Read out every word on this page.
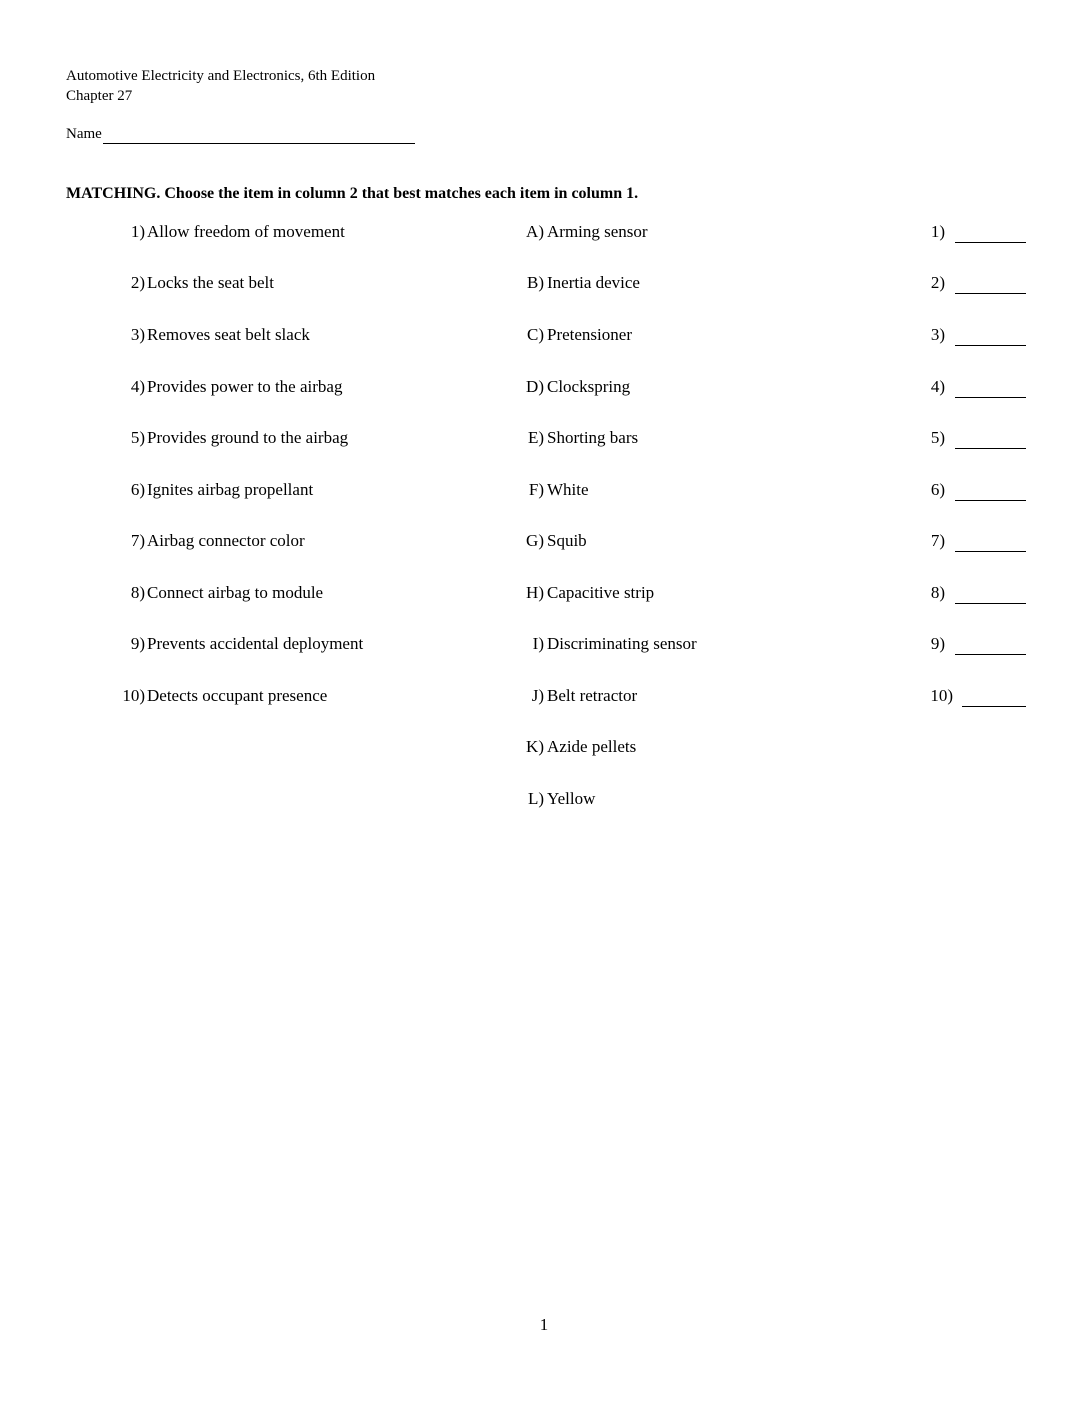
Automotive Electricity and Electronics, 6th Edition
Chapter 27
Name
MATCHING. Choose the item in column 2 that best matches each item in column 1.
1) Allow freedom of movement	A) Arming sensor	1)
2) Locks the seat belt	B) Inertia device	2)
3) Removes seat belt slack	C) Pretensioner	3)
4) Provides power to the airbag	D) Clockspring	4)
5) Provides ground to the airbag	E) Shorting bars	5)
6) Ignites airbag propellant	F) White	6)
7) Airbag connector color	G) Squib	7)
8) Connect airbag to module	H) Capacitive strip	8)
9) Prevents accidental deployment	I) Discriminating sensor	9)
10) Detects occupant presence	J) Belt retractor	10)
K) Azide pellets
L) Yellow
1
